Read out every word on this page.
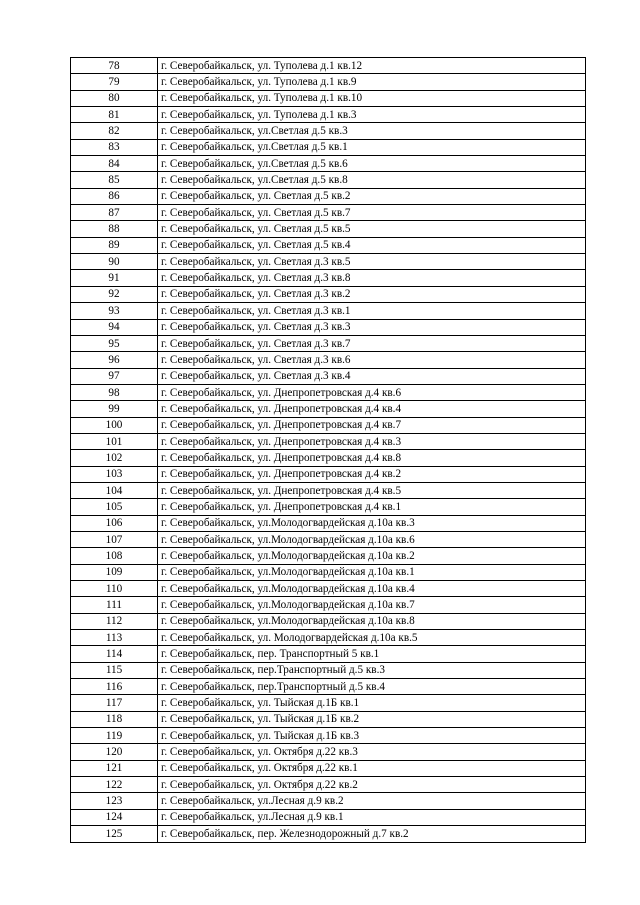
78	г. Северобайкальск, ул. Туполева д.1 кв.12
79	г. Северобайкальск, ул. Туполева д.1 кв.9
80	г. Северобайкальск, ул. Туполева д.1 кв.10
81	г. Северобайкальск, ул. Туполева д.1 кв.3
82	г. Северобайкальск, ул.Светлая д.5 кв.3
83	г. Северобайкальск, ул.Светлая д.5 кв.1
84	г. Северобайкальск, ул.Светлая д.5 кв.6
85	г. Северобайкальск, ул.Светлая д.5 кв.8
86	г. Северобайкальск, ул. Светлая д.5 кв.2
87	г. Северобайкальск, ул. Светлая д.5 кв.7
88	г. Северобайкальск, ул. Светлая д.5 кв.5
89	г. Северобайкальск, ул. Светлая д.5 кв.4
90	г. Северобайкальск, ул. Светлая д.3 кв.5
91	г. Северобайкальск, ул. Светлая д.3 кв.8
92	г. Северобайкальск, ул. Светлая д.3 кв.2
93	г. Северобайкальск, ул. Светлая д.3 кв.1
94	г. Северобайкальск, ул. Светлая д.3 кв.3
95	г. Северобайкальск, ул. Светлая д.3 кв.7
96	г. Северобайкальск, ул. Светлая д.3 кв.6
97	г. Северобайкальск, ул. Светлая д.3 кв.4
98	г. Северобайкальск, ул. Днепропетровская д.4 кв.6
99	г. Северобайкальск, ул. Днепропетровская д.4 кв.4
100	г. Северобайкальск, ул. Днепропетровская д.4 кв.7
101	г. Северобайкальск, ул. Днепропетровская д.4 кв.3
102	г. Северобайкальск, ул. Днепропетровская д.4 кв.8
103	г. Северобайкальск, ул. Днепропетровская д.4 кв.2
104	г. Северобайкальск, ул. Днепропетровская д.4 кв.5
105	г. Северобайкальск, ул. Днепропетровская д.4 кв.1
106	г. Северобайкальск, ул.Молодогвардейская д.10а кв.3
107	г. Северобайкальск, ул.Молодогвардейская д.10а кв.6
108	г. Северобайкальск, ул.Молодогвардейская д.10а кв.2
109	г. Северобайкальск, ул.Молодогвардейская д.10а кв.1
110	г. Северобайкальск, ул.Молодогвардейская д.10а кв.4
111	г. Северобайкальск, ул.Молодогвардейская д.10а кв.7
112	г. Северобайкальск, ул.Молодогвардейская д.10а кв.8
113	г. Северобайкальск, ул. Молодогвардейская д.10а кв.5
114	г. Северобайкальск, пер. Транспортный 5 кв.1
115	г. Северобайкальск, пер.Транспортный д.5 кв.3
116	г. Северобайкальск, пер.Транспортный д.5 кв.4
117	г. Северобайкальск, ул. Тыйская д.1Б кв.1
118	г. Северобайкальск, ул. Тыйская д.1Б кв.2
119	г. Северобайкальск, ул. Тыйская д.1Б кв.3
120	г. Северобайкальск, ул. Октября д.22 кв.3
121	г. Северобайкальск, ул. Октября д.22 кв.1
122	г. Северобайкальск, ул. Октября д.22 кв.2
123	г. Северобайкальск, ул.Лесная д.9 кв.2
124	г. Северобайкальск, ул.Лесная д.9 кв.1
125	г. Северобайкальск, пер. Железнодорожный д.7 кв.2
